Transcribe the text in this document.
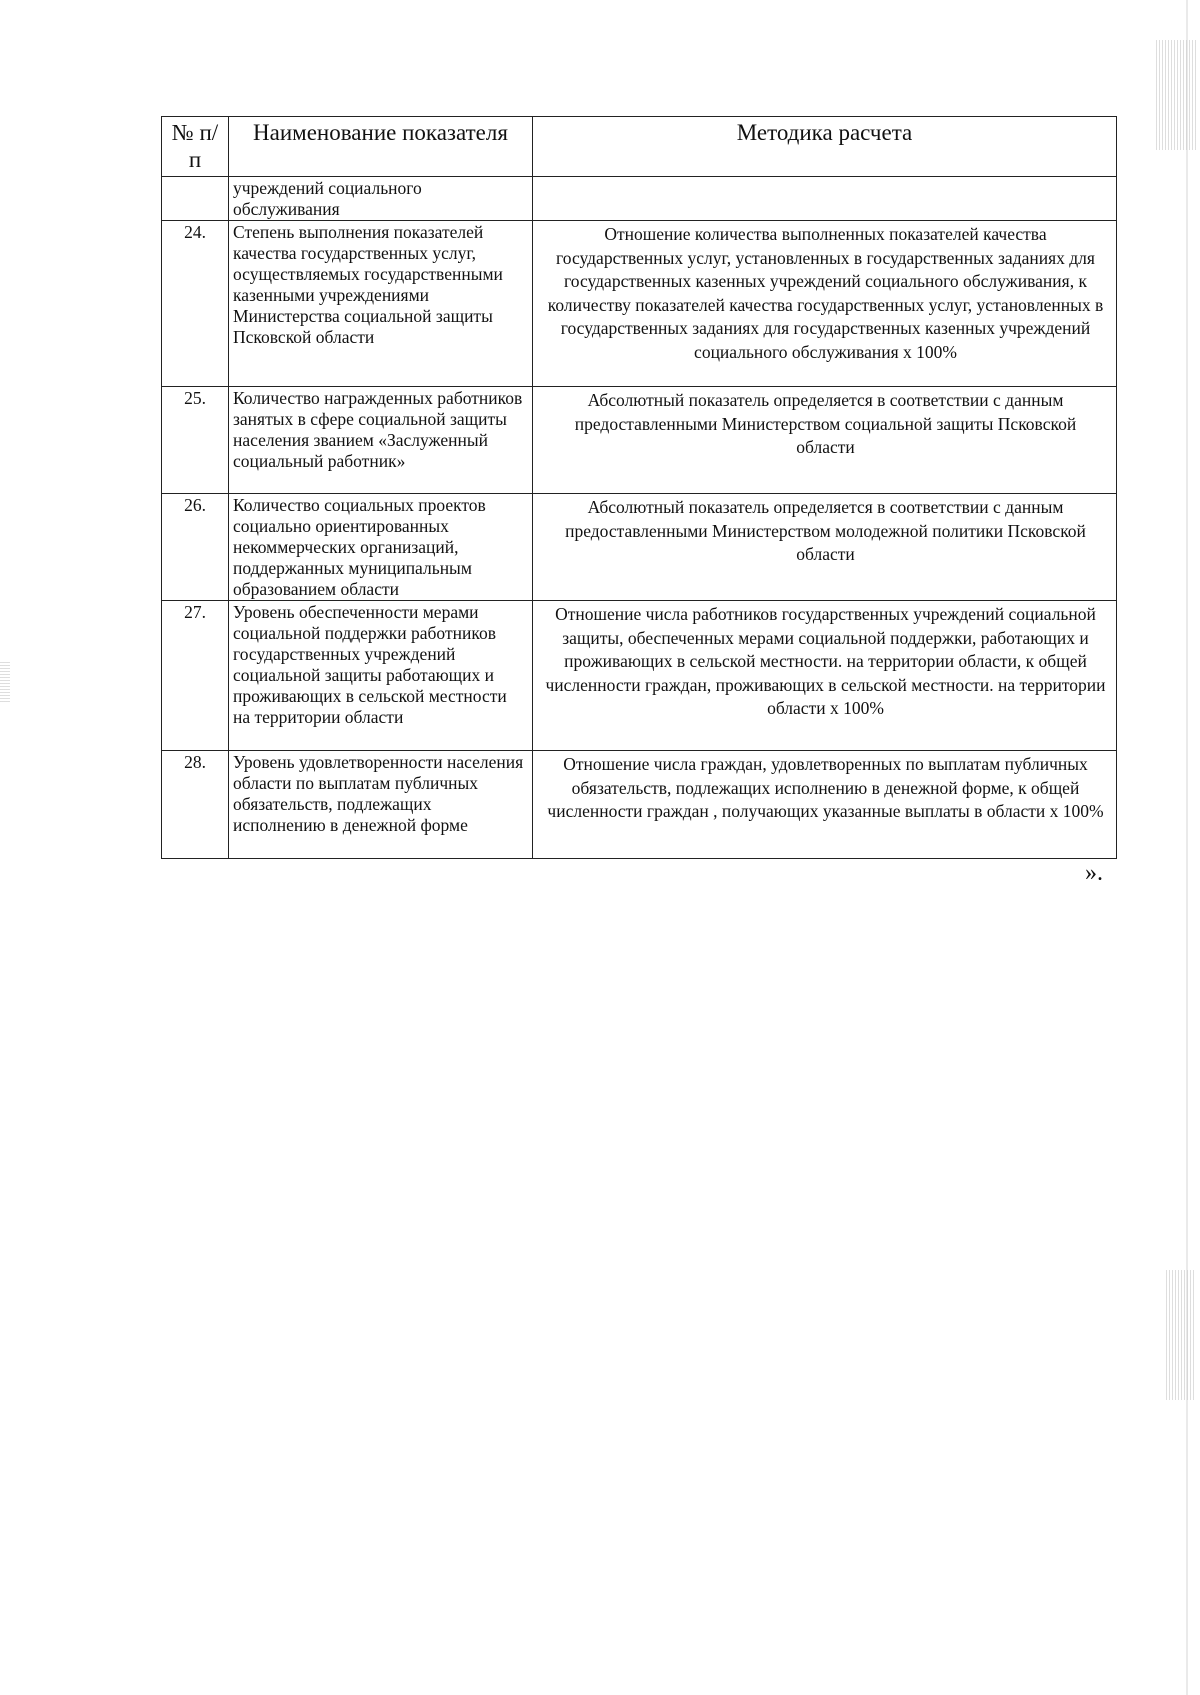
№ п/п	Наименование показателя	Методика расчета
	учреждений социального обслуживания	
24.	Степень выполнения показателей качества государственных услуг, осуществляемых государственными казенными учреждениями Министерства социальной защиты Псковской области	Отношение количества выполненных показателей качества государственных услуг, установленных в государственных заданиях для государственных казенных учреждений социального обслуживания, к количеству показателей качества государственных услуг, установленных в государственных заданиях для государственных казенных учреждений социального обслуживания х 100%
25.	Количество награжденных работников занятых в сфере социальной защиты населения званием «Заслуженный социальный работник»	Абсолютный показатель определяется в соответствии с данным предоставленными Министерством социальной защиты Псковской области
26.	Количество социальных проектов социально ориентированных некоммерческих организаций, поддержанных муниципальным образованием области	Абсолютный показатель определяется в соответствии с данным предоставленными Министерством молодежной политики Псковской области
27.	Уровень обеспеченности мерами социальной поддержки работников государственных учреждений социальной защиты работающих и проживающих в сельской местности на территории области	Отношение числа работников государственных учреждений социальной защиты, обеспеченных мерами социальной поддержки, работающих и проживающих в сельской местности. на территории области, к общей численности граждан, проживающих в сельской местности. на территории области х 100%
28.	Уровень удовлетворенности населения области по выплатам публичных обязательств, подлежащих исполнению в денежной форме	Отношение числа граждан, удовлетворенных по выплатам публичных обязательств, подлежащих исполнению в денежной форме, к общей численности граждан , получающих указанные выплаты в области х 100%
».
